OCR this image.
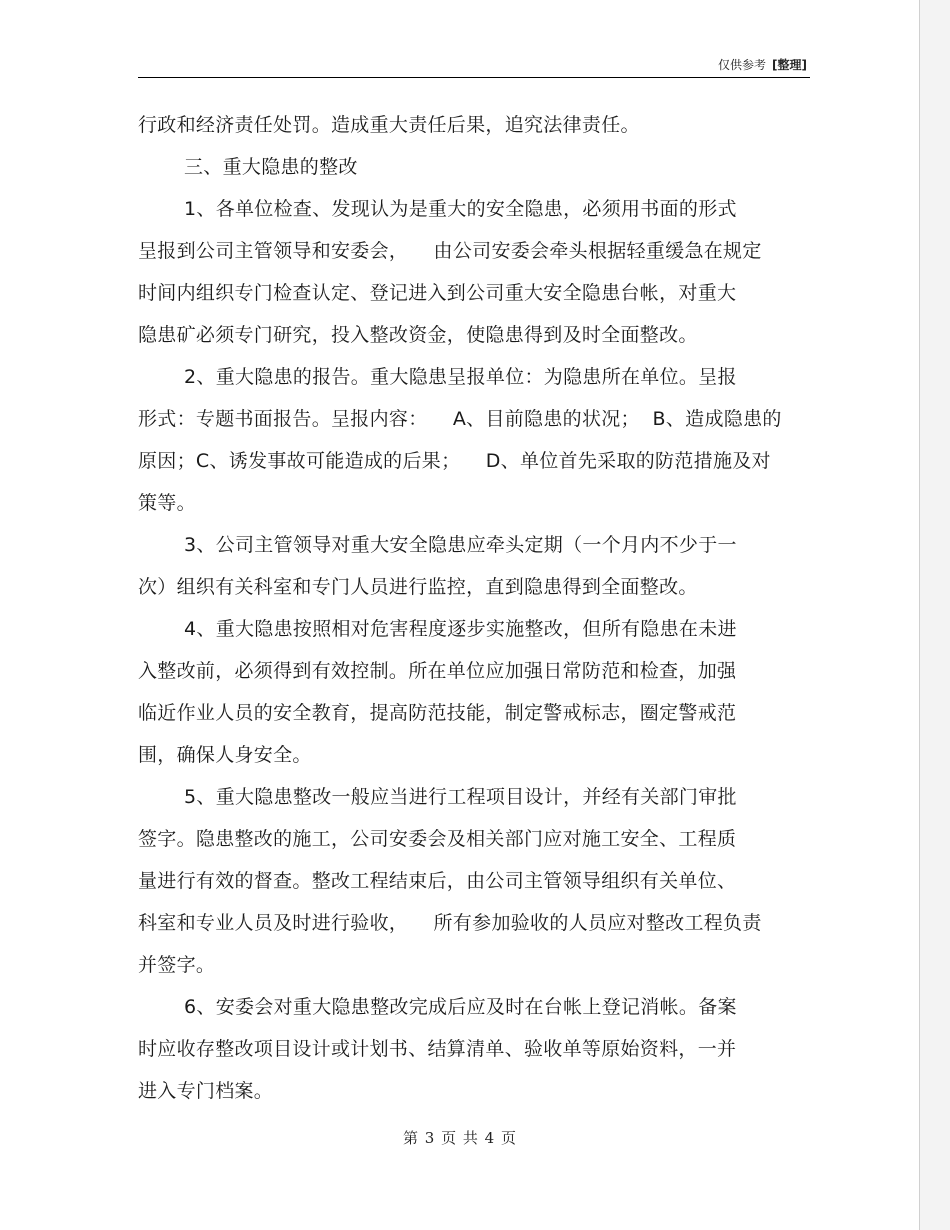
仅供参考 [整理]
行政和经济责任处罚。造成重大责任后果，追究法律责任。
三、重大隐患的整改
1、各单位检查、发现认为是重大的安全隐患，必须用书面的形式
呈报到公司主管领导和安委会，    由公司安委会牵头根据轻重缓急在规定
时间内组织专门检查认定、登记进入到公司重大安全隐患台帐，对重大
隐患矿必须专门研究，投入整改资金，使隐患得到及时全面整改。
2、重大隐患的报告。重大隐患呈报单位：为隐患所在单位。呈报
形式：专题书面报告。呈报内容：    A、目前隐患的状况；  B、造成隐患的
原因；C、诱发事故可能造成的后果；    D、单位首先采取的防范措施及对
策等。
3、公司主管领导对重大安全隐患应牵头定期（一个月内不少于一
次）组织有关科室和专门人员进行监控，直到隐患得到全面整改。
4、重大隐患按照相对危害程度逐步实施整改，但所有隐患在未进
入整改前，必须得到有效控制。所在单位应加强日常防范和检查，加强
临近作业人员的安全教育，提高防范技能，制定警戒标志，圈定警戒范
围，确保人身安全。
5、重大隐患整改一般应当进行工程项目设计，并经有关部门审批
签字。隐患整改的施工，公司安委会及相关部门应对施工安全、工程质
量进行有效的督查。整改工程结束后，由公司主管领导组织有关单位、
科室和专业人员及时进行验收，    所有参加验收的人员应对整改工程负责
并签字。
6、安委会对重大隐患整改完成后应及时在台帐上登记消帐。备案
时应收存整改项目设计或计划书、结算清单、验收单等原始资料，一并
进入专门档案。
第 3 页 共 4 页
